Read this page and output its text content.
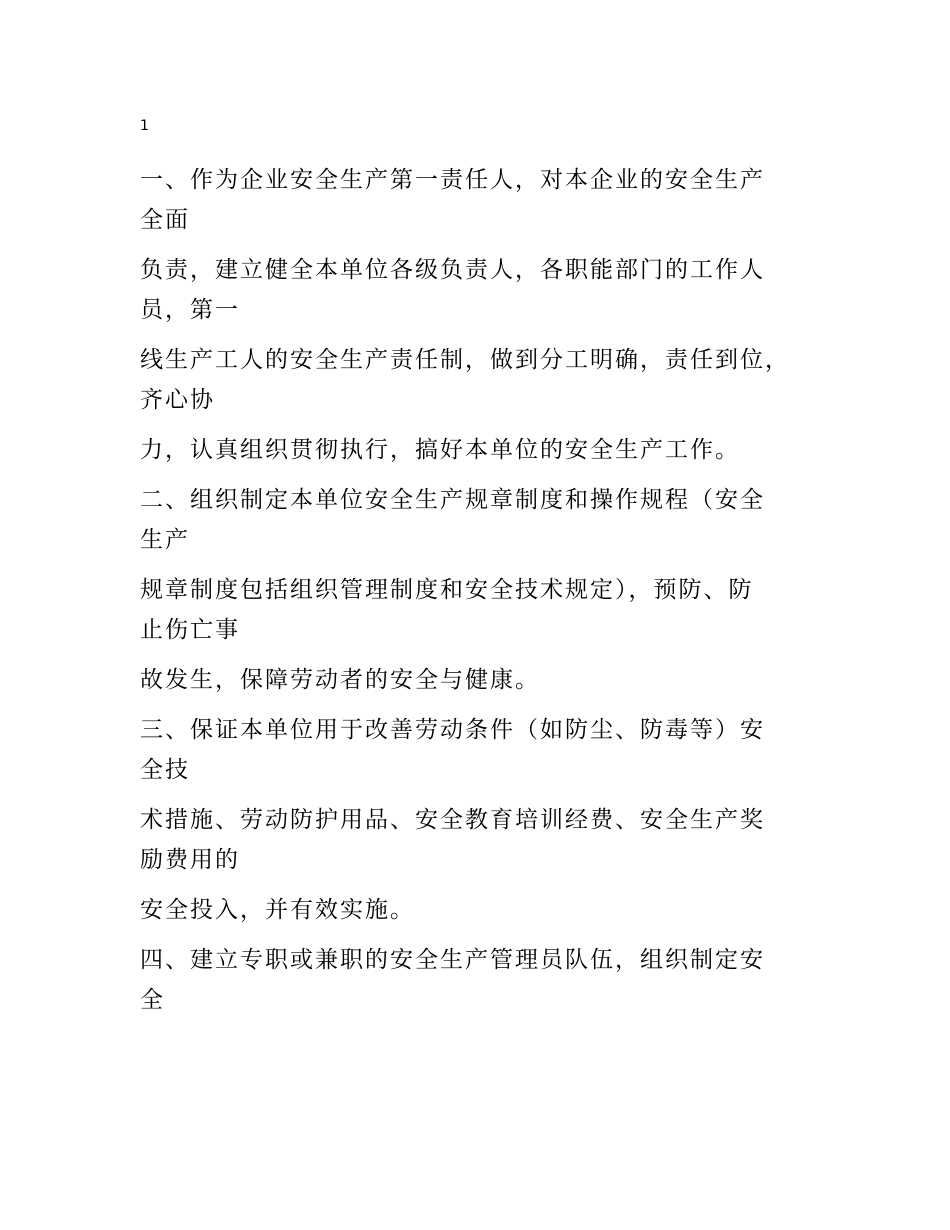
1
一、作为企业安全生产第一责任人，对本企业的安全生产
全面
负责，建立健全本单位各级负责人，各职能部门的工作人
员，第一
线生产工人的安全生产责任制，做到分工明确，责任到位，
齐心协
力，认真组织贯彻执行，搞好本单位的安全生产工作。
二、组织制定本单位安全生产规章制度和操作规程（安全
生产
规章制度包括组织管理制度和安全技术规定），预防、防
止伤亡事
故发生，保障劳动者的安全与健康。
三、保证本单位用于改善劳动条件（如防尘、防毒等）安
全技
术措施、劳动防护用品、安全教育培训经费、安全生产奖
励费用的
安全投入，并有效实施。
四、建立专职或兼职的安全生产管理员队伍，组织制定安
全
